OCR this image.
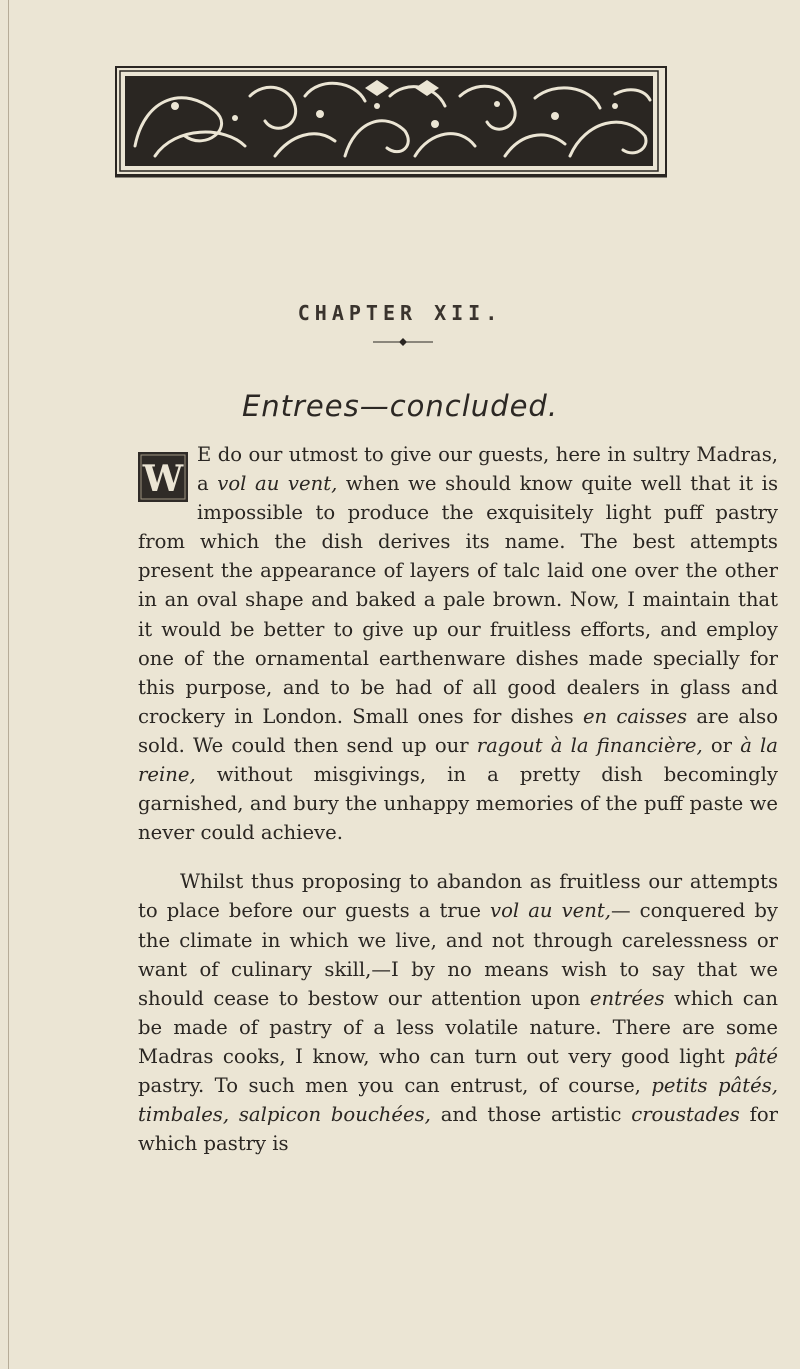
CHAPTER XII.
Entrees—concluded.
W

E do our utmost to give our guests, here in sultry Madras, a vol au vent, when we should know quite well that it is impossible to produce the exquisitely light puff pastry from which the dish derives its name. The best attempts present the appearance of layers of talc laid one over the other in an oval shape and baked a pale brown. Now, I maintain that it would be better to give up our fruitless efforts, and employ one of the ornamental earthenware dishes made specially for this purpose, and to be had of all good dealers in glass and crockery in London. Small ones for dishes en caisses are also sold. We could then send up our ragout à la financière, or à la reine, without misgivings, in a pretty dish becomingly garnished, and bury the unhappy memories of the puff paste we never could achieve.

Whilst thus proposing to abandon as fruitless our attempts to place before our guests a true vol au vent,— conquered by the climate in which we live, and not through carelessness or want of culinary skill,—I by no means wish to say that we should cease to bestow our attention upon entrées which can be made of pastry of a less volatile nature. There are some Madras cooks, I know, who can turn out very good light pâté pastry. To such men you can entrust, of course, petits pâtés, timbales, salpicon bouchées, and those artistic croustades for which pastry is
